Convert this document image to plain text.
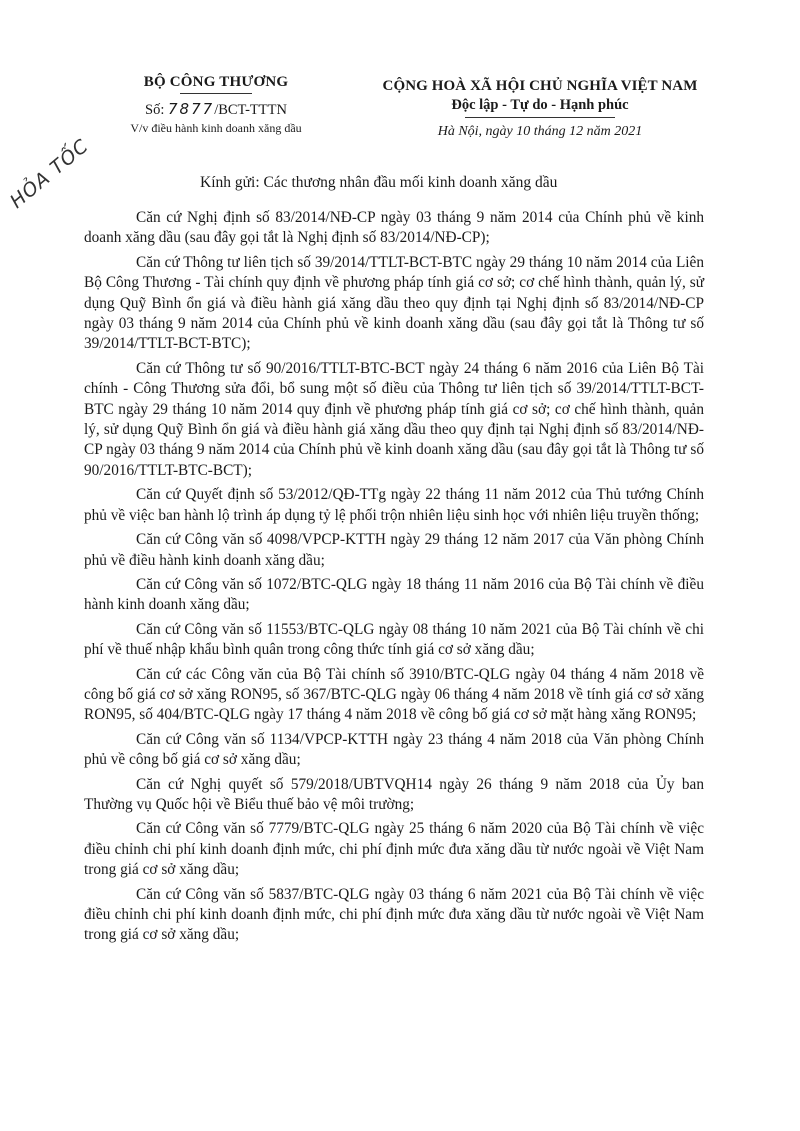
BỘ CÔNG THƯƠNG
Số: 7877/BCT-TTTN
V/v điều hành kinh doanh xăng dầu
CỘNG HOÀ XÃ HỘI CHỦ NGHĨA VIỆT NAM
Độc lập - Tự do - Hạnh phúc
Hà Nội, ngày 10 tháng 12 năm 2021
HỎA TỐC	Kính gửi: Các thương nhân đầu mối kinh doanh xăng dầu

Căn cứ Nghị định số 83/2014/NĐ-CP ngày 03 tháng 9 năm 2014 của Chính phủ về kinh doanh xăng dầu (sau đây gọi tắt là Nghị định số 83/2014/NĐ-CP);

Căn cứ Thông tư liên tịch số 39/2014/TTLT-BCT-BTC ngày 29 tháng 10 năm 2014 của Liên Bộ Công Thương - Tài chính quy định về phương pháp tính giá cơ sở; cơ chế hình thành, quản lý, sử dụng Quỹ Bình ổn giá và điều hành giá xăng dầu theo quy định tại Nghị định số 83/2014/NĐ-CP ngày 03 tháng 9 năm 2014 của Chính phủ về kinh doanh xăng dầu (sau đây gọi tắt là Thông tư số 39/2014/TTLT-BCT-BTC);

Căn cứ Thông tư số 90/2016/TTLT-BTC-BCT ngày 24 tháng 6 năm 2016 của Liên Bộ Tài chính - Công Thương sửa đổi, bổ sung một số điều của Thông tư liên tịch số 39/2014/TTLT-BCT-BTC ngày 29 tháng 10 năm 2014 quy định về phương pháp tính giá cơ sở; cơ chế hình thành, quản lý, sử dụng Quỹ Bình ổn giá và điều hành giá xăng dầu theo quy định tại Nghị định số 83/2014/NĐ-CP ngày 03 tháng 9 năm 2014 của Chính phủ về kinh doanh xăng dầu (sau đây gọi tắt là Thông tư số 90/2016/TTLT-BTC-BCT);

Căn cứ Quyết định số 53/2012/QĐ-TTg ngày 22 tháng 11 năm 2012 của Thủ tướng Chính phủ về việc ban hành lộ trình áp dụng tỷ lệ phối trộn nhiên liệu sinh học với nhiên liệu truyền thống;

Căn cứ Công văn số 4098/VPCP-KTTH ngày 29 tháng 12 năm 2017 của Văn phòng Chính phủ về điều hành kinh doanh xăng dầu;

Căn cứ Công văn số 1072/BTC-QLG ngày 18 tháng 11 năm 2016 của Bộ Tài chính về điều hành kinh doanh xăng dầu;

Căn cứ Công văn số 11553/BTC-QLG ngày 08 tháng 10 năm 2021 của Bộ Tài chính về chi phí về thuế nhập khẩu bình quân trong công thức tính giá cơ sở xăng dầu;

Căn cứ các Công văn của Bộ Tài chính số 3910/BTC-QLG ngày 04 tháng 4 năm 2018 về công bố giá cơ sở xăng RON95, số 367/BTC-QLG ngày 06 tháng 4 năm 2018 về tính giá cơ sở xăng RON95, số 404/BTC-QLG ngày 17 tháng 4 năm 2018 về công bố giá cơ sở mặt hàng xăng RON95;

Căn cứ Công văn số 1134/VPCP-KTTH ngày 23 tháng 4 năm 2018 của Văn phòng Chính phủ về công bố giá cơ sở xăng dầu;

Căn cứ Nghị quyết số 579/2018/UBTVQH14 ngày 26 tháng 9 năm 2018 của Ủy ban Thường vụ Quốc hội về Biểu thuế bảo vệ môi trường;

Căn cứ Công văn số 7779/BTC-QLG ngày 25 tháng 6 năm 2020 của Bộ Tài chính về việc điều chỉnh chi phí kinh doanh định mức, chi phí định mức đưa xăng dầu từ nước ngoài về Việt Nam trong giá cơ sở xăng dầu;

Căn cứ Công văn số 5837/BTC-QLG ngày 03 tháng 6 năm 2021 của Bộ Tài chính về việc điều chỉnh chi phí kinh doanh định mức, chi phí định mức đưa xăng dầu từ nước ngoài về Việt Nam trong giá cơ sở xăng dầu;
